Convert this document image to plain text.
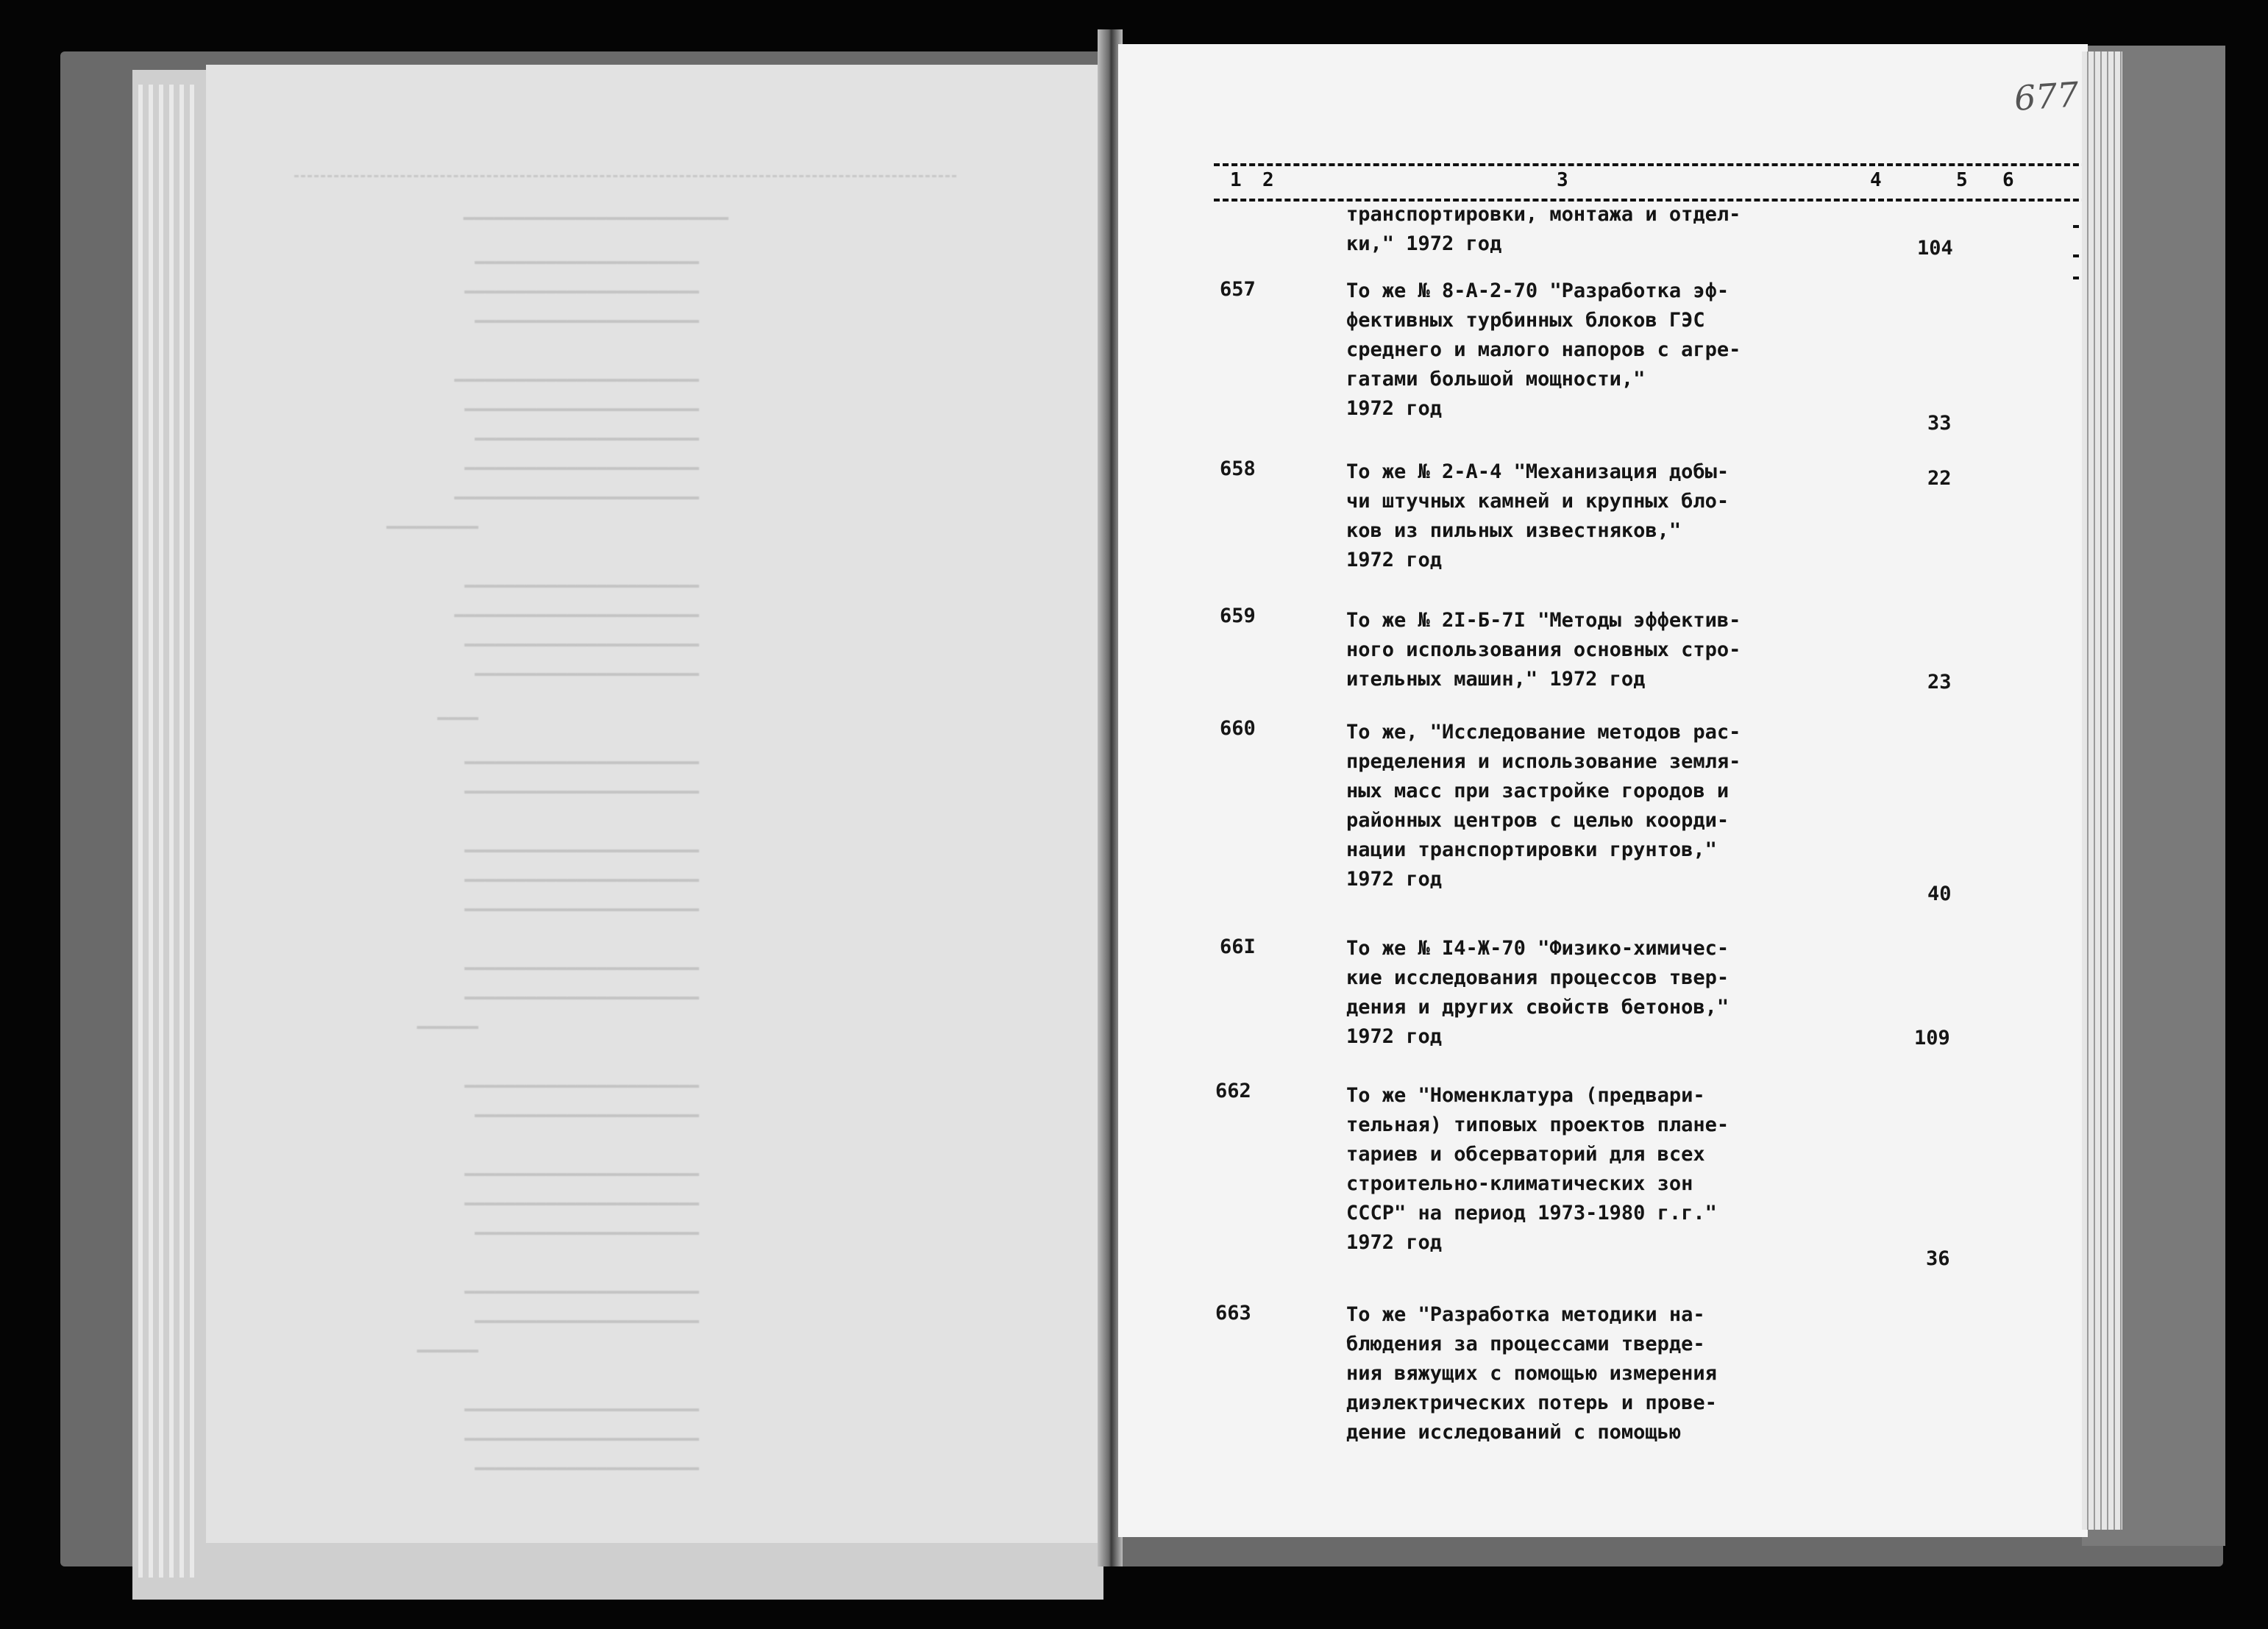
━━━━━━━━━━━━━━━━━━━━━━━━━━
━━━━━━━━━━━━━━━━━━━━━━
━━━━━━━━━━━━━━━━━━━━━━━
━━━━━━━━━━━━━━━━━━━━━━
━━━━━━━━━━━━━━━━━━━━━━━━
━━━━━━━━━━━━━━━━━━━━━━━
━━━━━━━━━━━━━━━━━━━━━━
━━━━━━━━━━━━━━━━━━━━━━━
━━━━━━━━━━━━━━━━━━━━━━━━
━━━━━━━━━
━━━━━━━━━━━━━━━━━━━━━━━
━━━━━━━━━━━━━━━━━━━━━━━━
━━━━━━━━━━━━━━━━━━━━━━━
━━━━━━━━━━━━━━━━━━━━━━
━━━━
━━━━━━━━━━━━━━━━━━━━━━━
━━━━━━━━━━━━━━━━━━━━━━━
━━━━━━━━━━━━━━━━━━━━━━━
━━━━━━━━━━━━━━━━━━━━━━━
━━━━━━━━━━━━━━━━━━━━━━━
━━━━━━━━━━━━━━━━━━━━━━━
━━━━━━━━━━━━━━━━━━━━━━━
━━━━━━
━━━━━━━━━━━━━━━━━━━━━━━
━━━━━━━━━━━━━━━━━━━━━━
━━━━━━━━━━━━━━━━━━━━━━━
━━━━━━━━━━━━━━━━━━━━━━━
━━━━━━━━━━━━━━━━━━━━━━
━━━━━━━━━━━━━━━━━━━━━━━
━━━━━━━━━━━━━━━━━━━━━━
━━━━━━
━━━━━━━━━━━━━━━━━━━━━━━
━━━━━━━━━━━━━━━━━━━━━━━
━━━━━━━━━━━━━━━━━━━━━━
677
1 2	3	4	5 6
транспортировки, монтажа и отдел-
ки," 1972 год	104
657	То же № 8-А-2-70 "Разработка эф-
фективных турбинных блоков ГЭС
среднего и малого напоров с агре-
гатами большой мощности,"
1972 год
33
658	То же № 2-А-4 "Механизация добы-
чи штучных камней и крупных бло-
ков из пильных известняков,"
1972 год
22
659	То же № 2I-Б-7I "Методы эффектив-
ного использования основных стро-
ительных машин," 1972 год	23
660	То же, "Исследование методов рас-
пределения и использование земля-
ных масс при застройке городов и
районных центров с целью коорди-
нации транспортировки грунтов,"
1972 год
40
66I	То же № I4-Ж-70 "Физико-химичес-
кие исследования процессов твер-
дения и других свойств бетонов,"
1972 год	109
662	То же "Номенклатура (предвари-
тельная) типовых проектов плане-
тариев и обсерваторий для всех
строительно-климатических зон
СССР" на период 1973-1980 г.г."
1972 год
36
663	То же "Разработка методики на-
блюдения за процессами тверде-
ния вяжущих с помощью измерения
диэлектрических потерь и прове-
дение исследований с помощью
